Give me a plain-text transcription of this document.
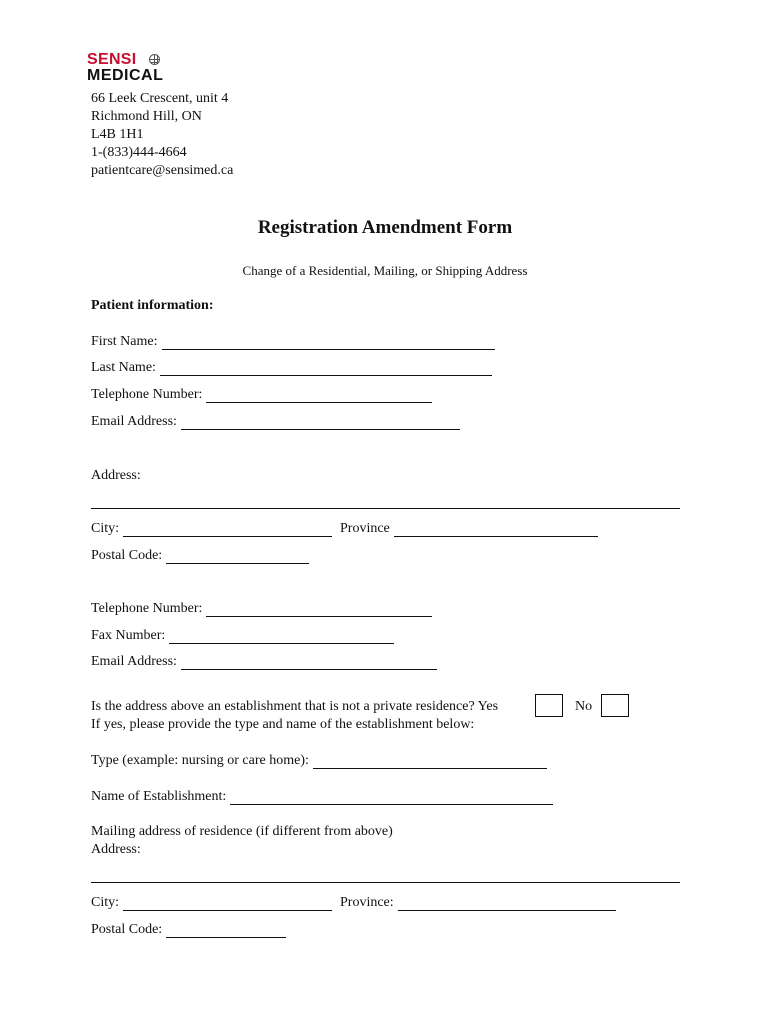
SENSI
MEDICAL
66 Leek Crescent, unit 4
Richmond Hill, ON
L4B 1H1
1-(833)444-4664
patientcare@sensimed.ca
Registration Amendment Form
Change of a Residential, Mailing, or Shipping Address
Patient information:
First Name:
Last Name:
Telephone Number:
Email Address:
Address:
City:	Province
Postal Code:
Telephone Number:
Fax Number:
Email Address:
Is the address above an establishment that is not a private residence? Yes	No
If yes, please provide the type and name of the establishment below:
Type (example: nursing or care home):
Name of Establishment:
Mailing address of residence (if different from above)
Address:
City:	Province:
Postal Code:
